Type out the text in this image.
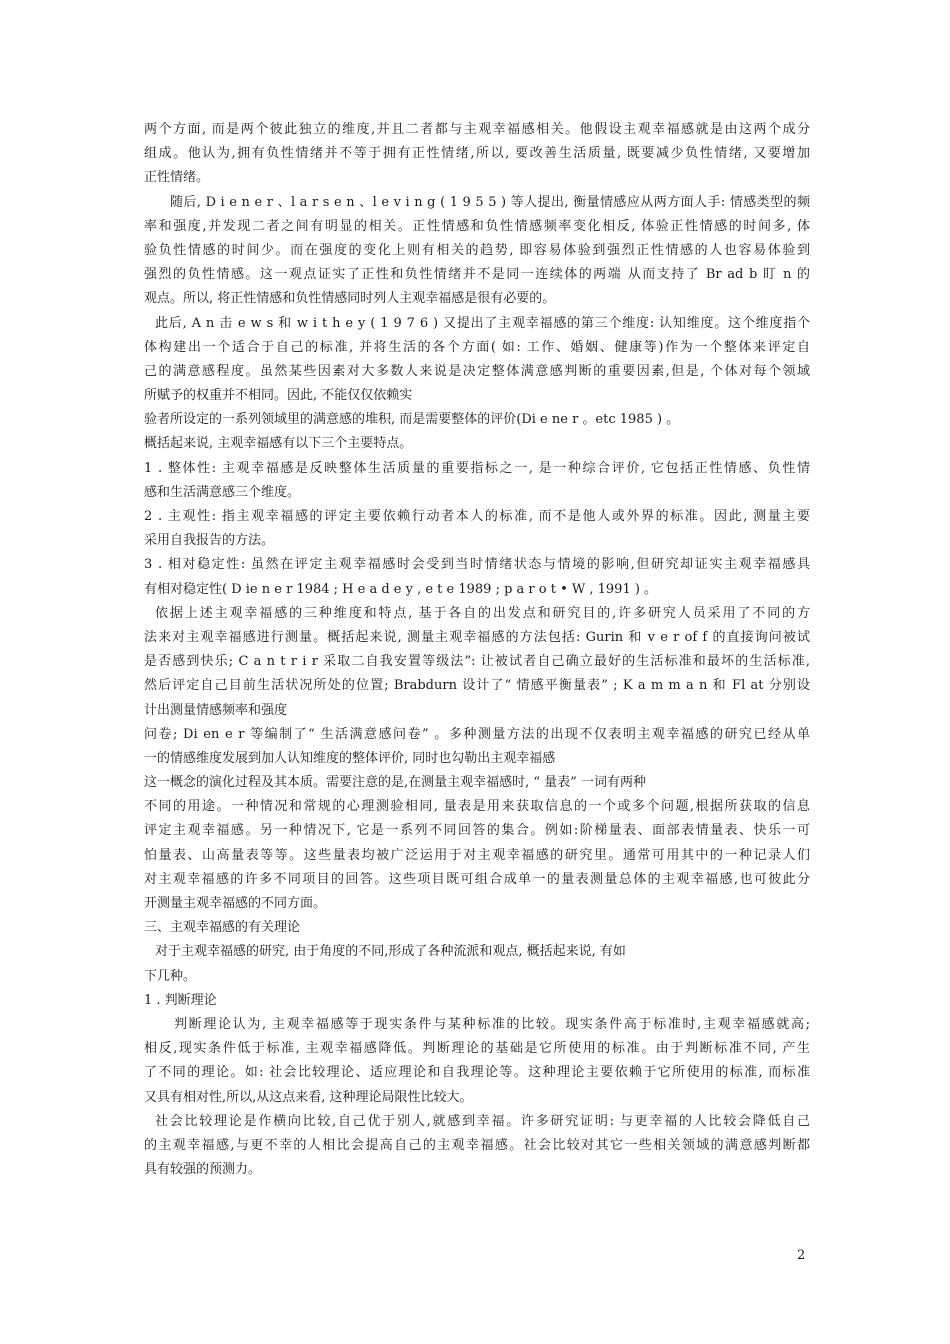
两个方面, 而是两个彼此独立的维度,并且二者都与主观幸福感相关。他假设主观幸福感就是由这两个成分
组成。他认为,拥有负性情绪并不等于拥有正性情绪,所以, 要改善生活质量, 既要减少负性情绪, 又要增加
正性情绪。
随后, D i e n e r 、l a r s e n 、l e v i n g ( 1 9 5 5 ) 等人提出, 衡量情感应从两方面人手: 情感类型的频
率和强度,并发现二者之间有明显的相关。正性情感和负性情感频率变化相反, 体验正性情感的时间多, 体
验负性情感的时间少。而在强度的变化上则有相关的趋势, 即容易体验到强烈正性情感的人也容易体验到
强烈的负性情感。这一观点证实了正性和负性情绪并不是同一连续体的两端 从而支持了 Br ad b 盯 n 的
观点。所以, 将正性情感和负性情感同时列人主观幸福感是很有必要的。
此后, A n 击 e w s 和 w i t h e y ( 1 9 7 6 ) 又提出了主观幸福感的第三个维度: 认知维度。这个维度指个
体构建出一个适合于自己的标准, 并将生活的各个方面( 如: 工作、婚姻、健康等)作为一个整体来评定自
己的满意感程度。虽然某些因素对大多数人来说是决定整体满意感判断的重要因素,但是, 个体对每个领域
所赋予的权重并不相同。因此, 不能仅仅依赖实
验者所设定的一系列领域里的满意感的堆积, 而是需要整体的评价(Di e ne r 。etc 1985 ) 。
概括起来说, 主观幸福感有以下三个主要特点。
1 . 整体性: 主观幸福感是反映整体生活质量的重要指标之一, 是一种综合评价, 它包括正性情感、负性情
感和生活满意感三个维度。
2 . 主观性: 指主观幸福感的评定主要依赖行动者本人的标准, 而不是他人或外界的标准。因此, 测量主要
采用自我报告的方法。
3 . 相对稳定性: 虽然在评定主观幸福感时会受到当时情绪状态与情境的影响,但研究却证实主观幸福感具
有相对稳定性( D ie n e r 1984 ; H e a d e y , e t e 1989 ; p a r o t • W , 1991 ) 。
依据上述主观幸福感的三种维度和特点, 基于各自的出发点和研究目的,许多研究人员采用了不同的方
法来对主观幸福感进行测量。概括起来说, 测量主观幸福感的方法包括: Gurin 和 v e r of f 的直接询问被试
是否感到快乐; C a n t r i r 采取二自我安置等级法”: 让被试者自己确立最好的生活标准和最坏的生活标准,
然后评定自己目前生活状况所处的位置; Brabdurn 设计了“ 情感平衡量表” ; K a m m a n 和 Fl at 分别设
计出测量情感频率和强度
问卷; Di en e r 等编制了“ 生活满意感问卷” 。多种测量方法的出现不仅表明主观幸福感的研究已经从单
一的情感维度发展到加人认知维度的整体评价, 同时也勾勒出主观幸福感
这一概念的演化过程及其本质。需要注意的是,在测量主观幸福感时, “ 量表” 一词有两种
不同的用途。一种情况和常规的心理测验相同, 量表是用来获取信息的一个或多个问题,根据所获取的信息
评定主观幸福感。另一种情况下, 它是一系列不同回答的集合。例如:阶梯量表、面部表情量表、快乐一可
怕量表、山高量表等等。这些量表均被广泛运用于对主观幸福感的研究里。通常可用其中的一种记录人们
对主观幸福感的许多不同项目的回答。这些项目既可组合成单一的量表测量总体的主观幸福感,也可彼此分
开测量主观幸福感的不同方面。
三、主观幸福感的有关理论
对于主观幸福感的研究, 由于角度的不同,形成了各种流派和观点, 概括起来说, 有如
下几种。
1 . 判断理论
判断理论认为, 主观幸福感等于现实条件与某种标准的比较。现实条件高于标准时,主观幸福感就高;
相反,现实条件低于标准, 主观幸福感降低。判断理论的基础是它所使用的标准。由于判断标准不同, 产生
了不同的理论。如: 社会比较理论、适应理论和自我理论等。这种理论主要依赖于它所使用的标准, 而标准
又具有相对性,所以,从这点来看, 这种理论局限性比较大。
社会比较理论是作横向比较,自己优于别人,就感到幸福。许多研究证明: 与更幸福的人比较会降低自己
的主观幸福感,与更不幸的人相比会提高自己的主观幸福感。社会比较对其它一些相关领域的满意感判断都
具有较强的预测力。
2
